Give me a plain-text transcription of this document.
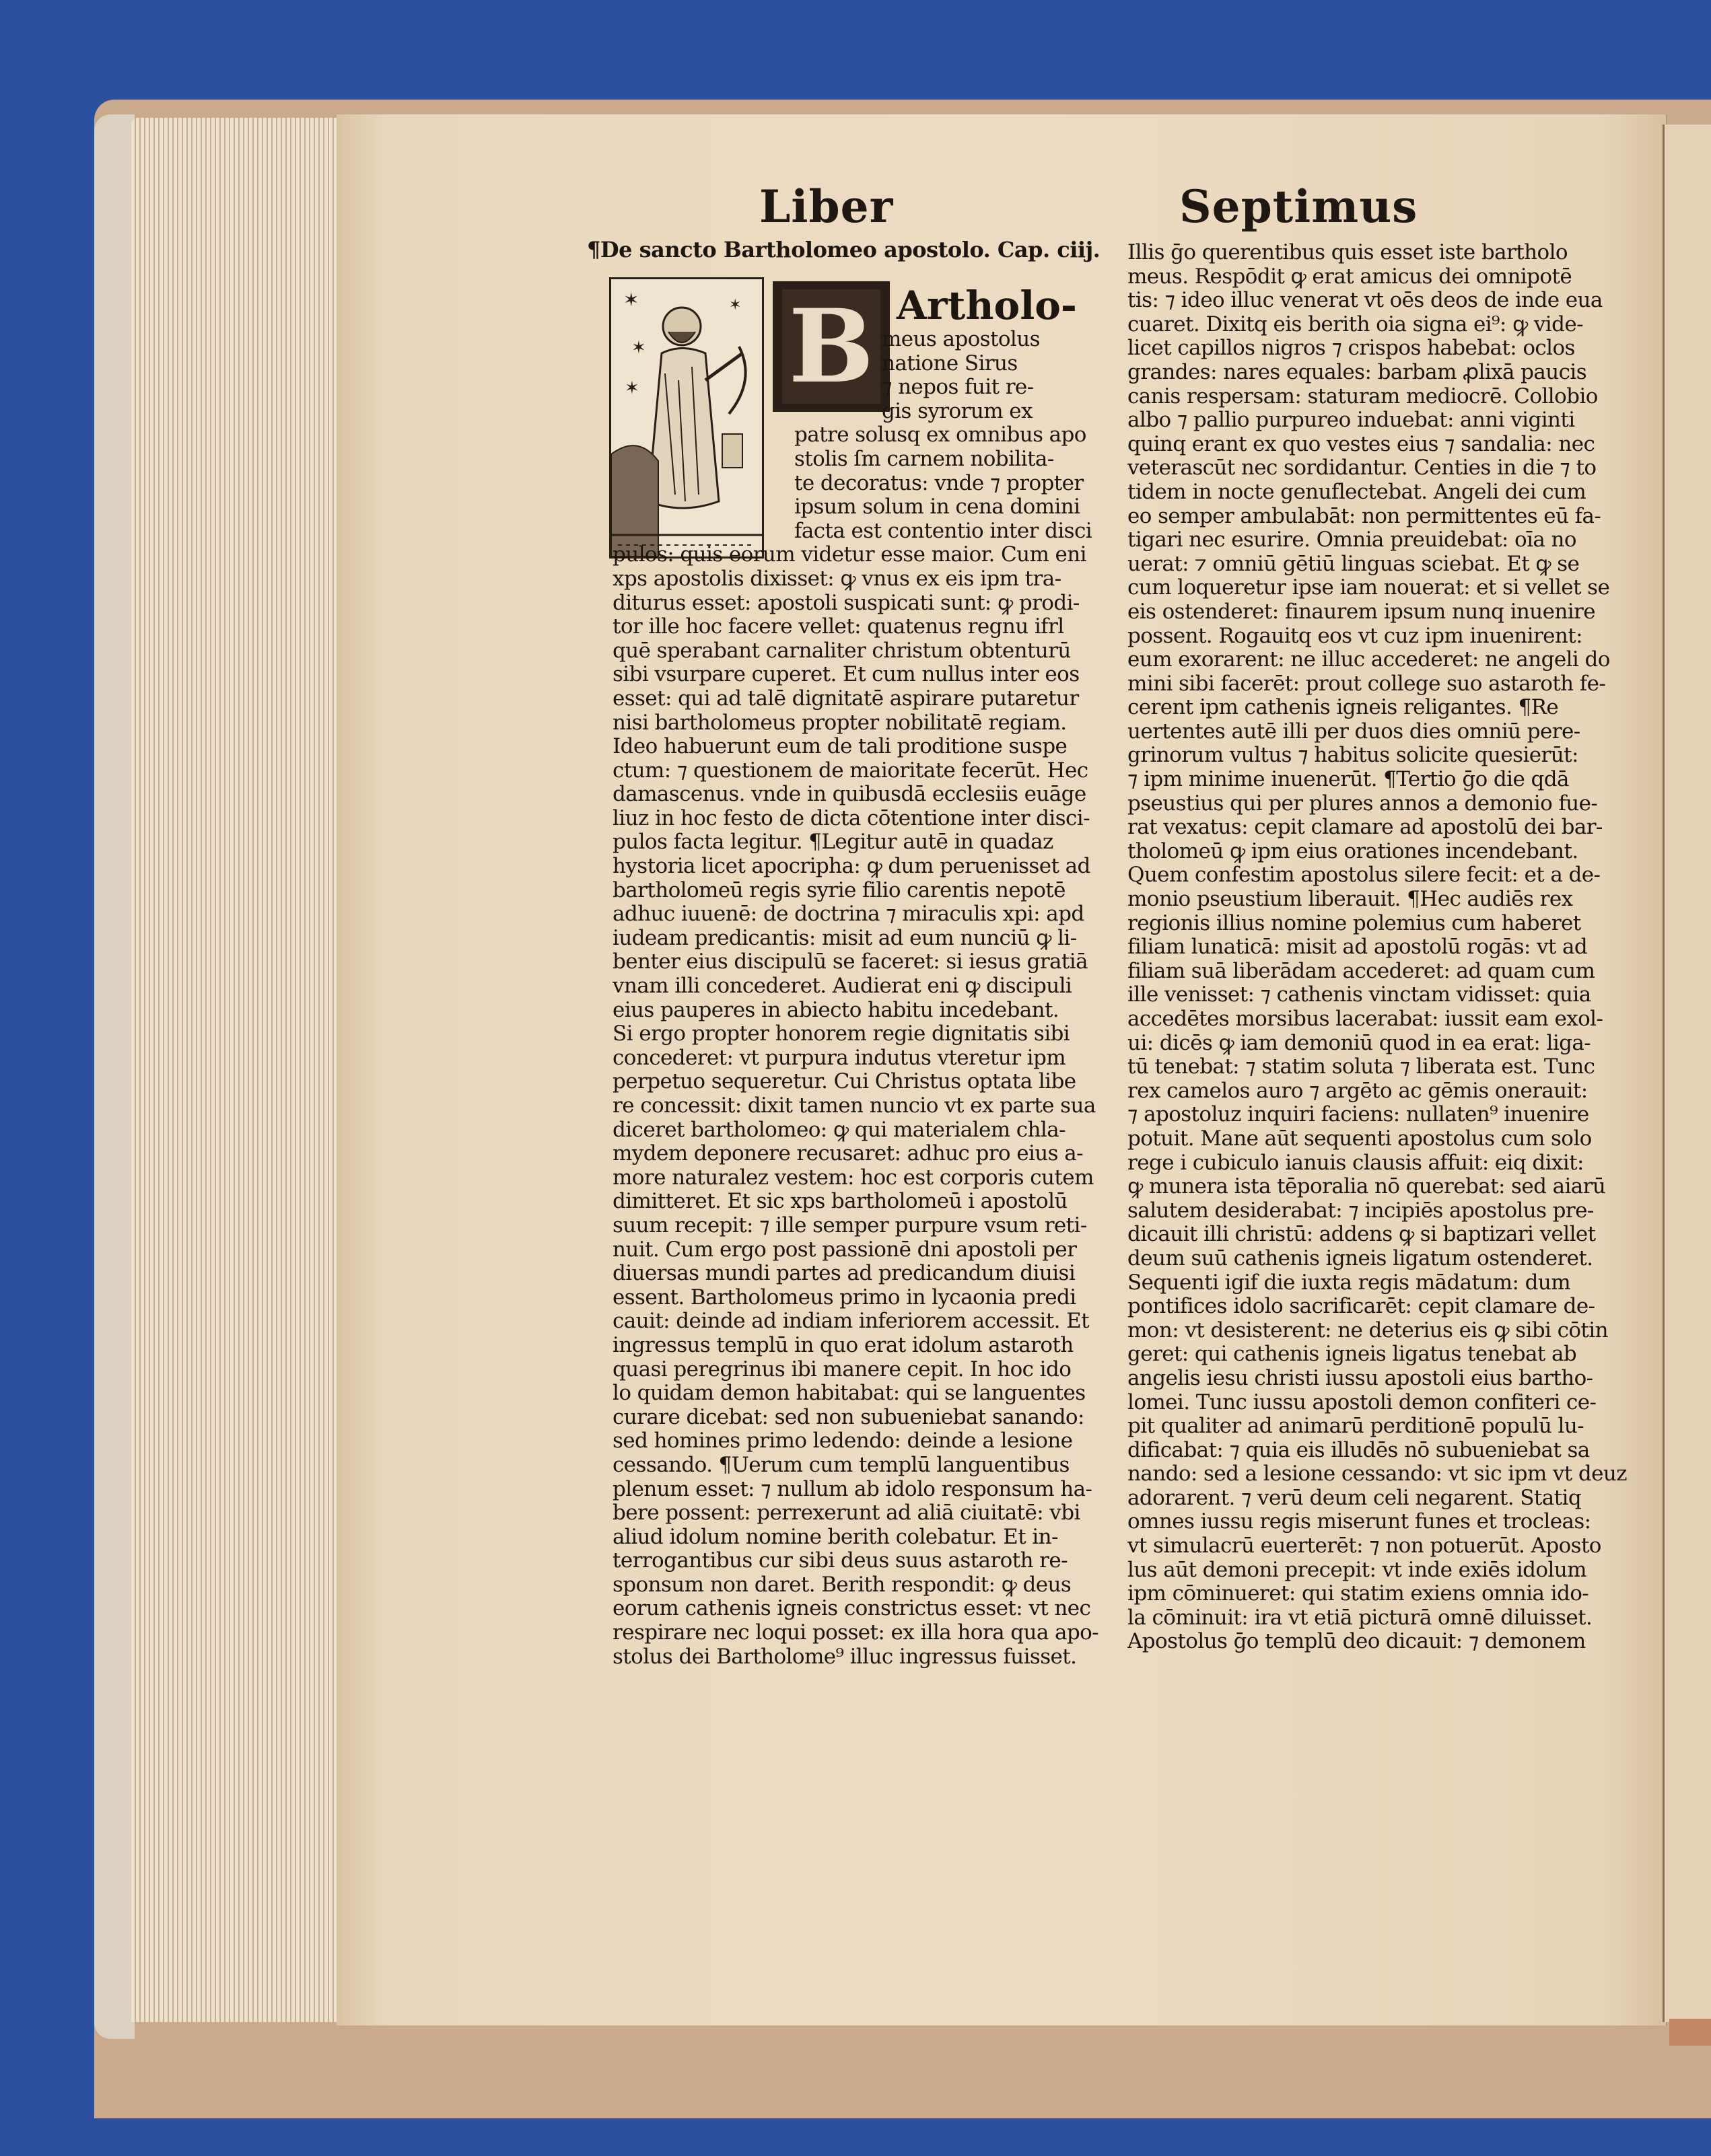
Liber	Septimus
¶De sancto Bartholomeo apostolo. Cap. ciij.
✶
✶
✶
✶ B Artholo-
meus apostolus
natione Sirus
⁊ nepos fuit re-
gis syrorum ex
patre solusq ex omnibus apo
stolis ſm carnem nobilita-
te decoratus: vnde ⁊ propter
ipsum solum in cena domini
facta est contentio inter disci
pulos: quis eorum videtur esse maior. Cum eni
xps apostolis dixisset: ꝙ vnus ex eis ipm tra-
diturus esset: apostoli suspicati sunt: ꝙ prodi-
tor ille hoc facere vellet: quatenus regnu ifrl
quē sperabant carnaliter christum obtenturū
sibi vsurpare cuperet. Et cum nullus inter eos
esset: qui ad talē dignitatē aspirare putaretur
nisi bartholomeus propter nobilitatē regiam.
Ideo habuerunt eum de tali proditione suspe
ctum: ⁊ questionem de maioritate fecerūt. Hec
damascenus. vnde in quibusdā ecclesiis euāge
liuz in hoc festo de dicta cōtentione inter disci-
pulos facta legitur. ¶Legitur autē in quadaz
hystoria licet apocripha: ꝙ dum peruenisset ad
bartholomeū regis syrie filio carentis nepotē
adhuc iuuenē: de doctrina ⁊ miraculis xpi: apd
iudeam predicantis: misit ad eum nunciū ꝙ li-
benter eius discipulū se faceret: si iesus gratiā
vnam illi concederet. Audierat eni ꝙ discipuli
eius pauperes in abiecto habitu incedebant.
Si ergo propter honorem regie dignitatis sibi
concederet: vt purpura indutus vteretur ipm
perpetuo sequeretur. Cui Christus optata libe
re concessit: dixit tamen nuncio vt ex parte sua
diceret bartholomeo: ꝙ qui materialem chla-
mydem deponere recusaret: adhuc pro eius a-
more naturalez vestem: hoc est corporis cutem
dimitteret. Et sic xps bartholomeū i apostolū
suum recepit: ⁊ ille semper purpure vsum reti-
nuit. Cum ergo post passionē dni apostoli per
diuersas mundi partes ad predicandum diuisi
essent. Bartholomeus primo in lycaonia predi
cauit: deinde ad indiam inferiorem accessit. Et
ingressus templū in quo erat idolum astaroth
quasi peregrinus ibi manere cepit. In hoc ido
lo quidam demon habitabat: qui se languentes
curare dicebat: sed non subueniebat sanando:
sed homines primo ledendo: deinde a lesione
cessando. ¶Uerum cum templū languentibus
plenum esset: ⁊ nullum ab idolo responsum ha-
bere possent: perrexerunt ad aliā ciuitatē: vbi
aliud idolum nomine berith colebatur. Et in-
terrogantibus cur sibi deus suus astaroth re-
sponsum non daret. Berith respondit: ꝙ deus
eorum cathenis igneis constrictus esset: vt nec
respirare nec loqui posset: ex illa hora qua apo-
stolus dei Bartholome⁹ illuc ingressus fuisset.
Illis ḡo querentibus quis esset iste bartholo
meus. Respōdit ꝙ erat amicus dei omnipotē
tis: ⁊ ideo illuc venerat vt oēs deos de inde eua
cuaret. Dixitq eis berith oia signa ei⁹: ꝙ vide-
licet capillos nigros ⁊ crispos habebat: oclos
grandes: nares equales: barbam ꝓlixā paucis
canis respersam: staturam mediocrē. Collobio
albo ⁊ pallio purpureo induebat: anni viginti
quinq erant ex quo vestes eius ⁊ sandalia: nec
veterascūt nec sordidantur. Centies in die ⁊ to
tidem in nocte genuflectebat. Angeli dei cum
eo semper ambulabāt: non permittentes eū fa-
tigari nec esurire. Omnia preuidebat: oīa no
uerat: ⁊ omniū gētiū linguas sciebat. Et ꝙ se
cum loqueretur ipse iam nouerat: et si vellet se
eis ostenderet: finaurem ipsum nunq inuenire
possent. Rogauitq eos vt cuz ipm inuenirent:
eum exorarent: ne illuc accederet: ne angeli do
mini sibi facerēt: prout college suo astaroth fe-
cerent ipm cathenis igneis religantes. ¶Re
uertentes autē illi per duos dies omniū pere-
grinorum vultus ⁊ habitus solicite quesierūt:
⁊ ipm minime inuenerūt. ¶Tertio ḡo die qdā
pseustius qui per plures annos a demonio fue-
rat vexatus: cepit clamare ad apostolū dei bar-
tholomeū ꝙ ipm eius orationes incendebant.
Quem confestim apostolus silere fecit: et a de-
monio pseustium liberauit. ¶Hec audiēs rex
regionis illius nomine polemius cum haberet
filiam lunaticā: misit ad apostolū rogās: vt ad
filiam suā liberādam accederet: ad quam cum
ille venisset: ⁊ cathenis vinctam vidisset: quia
accedētes morsibus lacerabat: iussit eam exol-
ui: dicēs ꝙ iam demoniū quod in ea erat: liga-
tū tenebat: ⁊ statim soluta ⁊ liberata est. Tunc
rex camelos auro ⁊ argēto ac gēmis onerauit:
⁊ apostoluz inquiri faciens: nullaten⁹ inuenire
potuit. Mane aūt sequenti apostolus cum solo
rege i cubiculo ianuis clausis affuit: eiq dixit:
ꝙ munera ista tēporalia nō querebat: sed aiarū
salutem desiderabat: ⁊ incipiēs apostolus pre-
dicauit illi christū: addens ꝙ si baptizari vellet
deum suū cathenis igneis ligatum ostenderet.
Sequenti igif die iuxta regis mādatum: dum
pontifices idolo sacrificarēt: cepit clamare de-
mon: vt desisterent: ne deterius eis ꝙ sibi cōtin
geret: qui cathenis igneis ligatus tenebat ab
angelis iesu christi iussu apostoli eius bartho-
lomei. Tunc iussu apostoli demon confiteri ce-
pit qualiter ad animarū perditionē populū lu-
dificabat: ⁊ quia eis illudēs nō subueniebat sa
nando: sed a lesione cessando: vt sic ipm vt deuz
adorarent. ⁊ verū deum celi negarent. Statiq
omnes iussu regis miserunt funes et trocleas:
vt simulacrū euerterēt: ⁊ non potuerūt. Aposto
lus aūt demoni precepit: vt inde exiēs idolum
ipm cōminueret: qui statim exiens omnia ido-
la cōminuit: ira vt etiā picturā omnē diluisset.
Apostolus ḡo templū deo dicauit: ⁊ demonem
